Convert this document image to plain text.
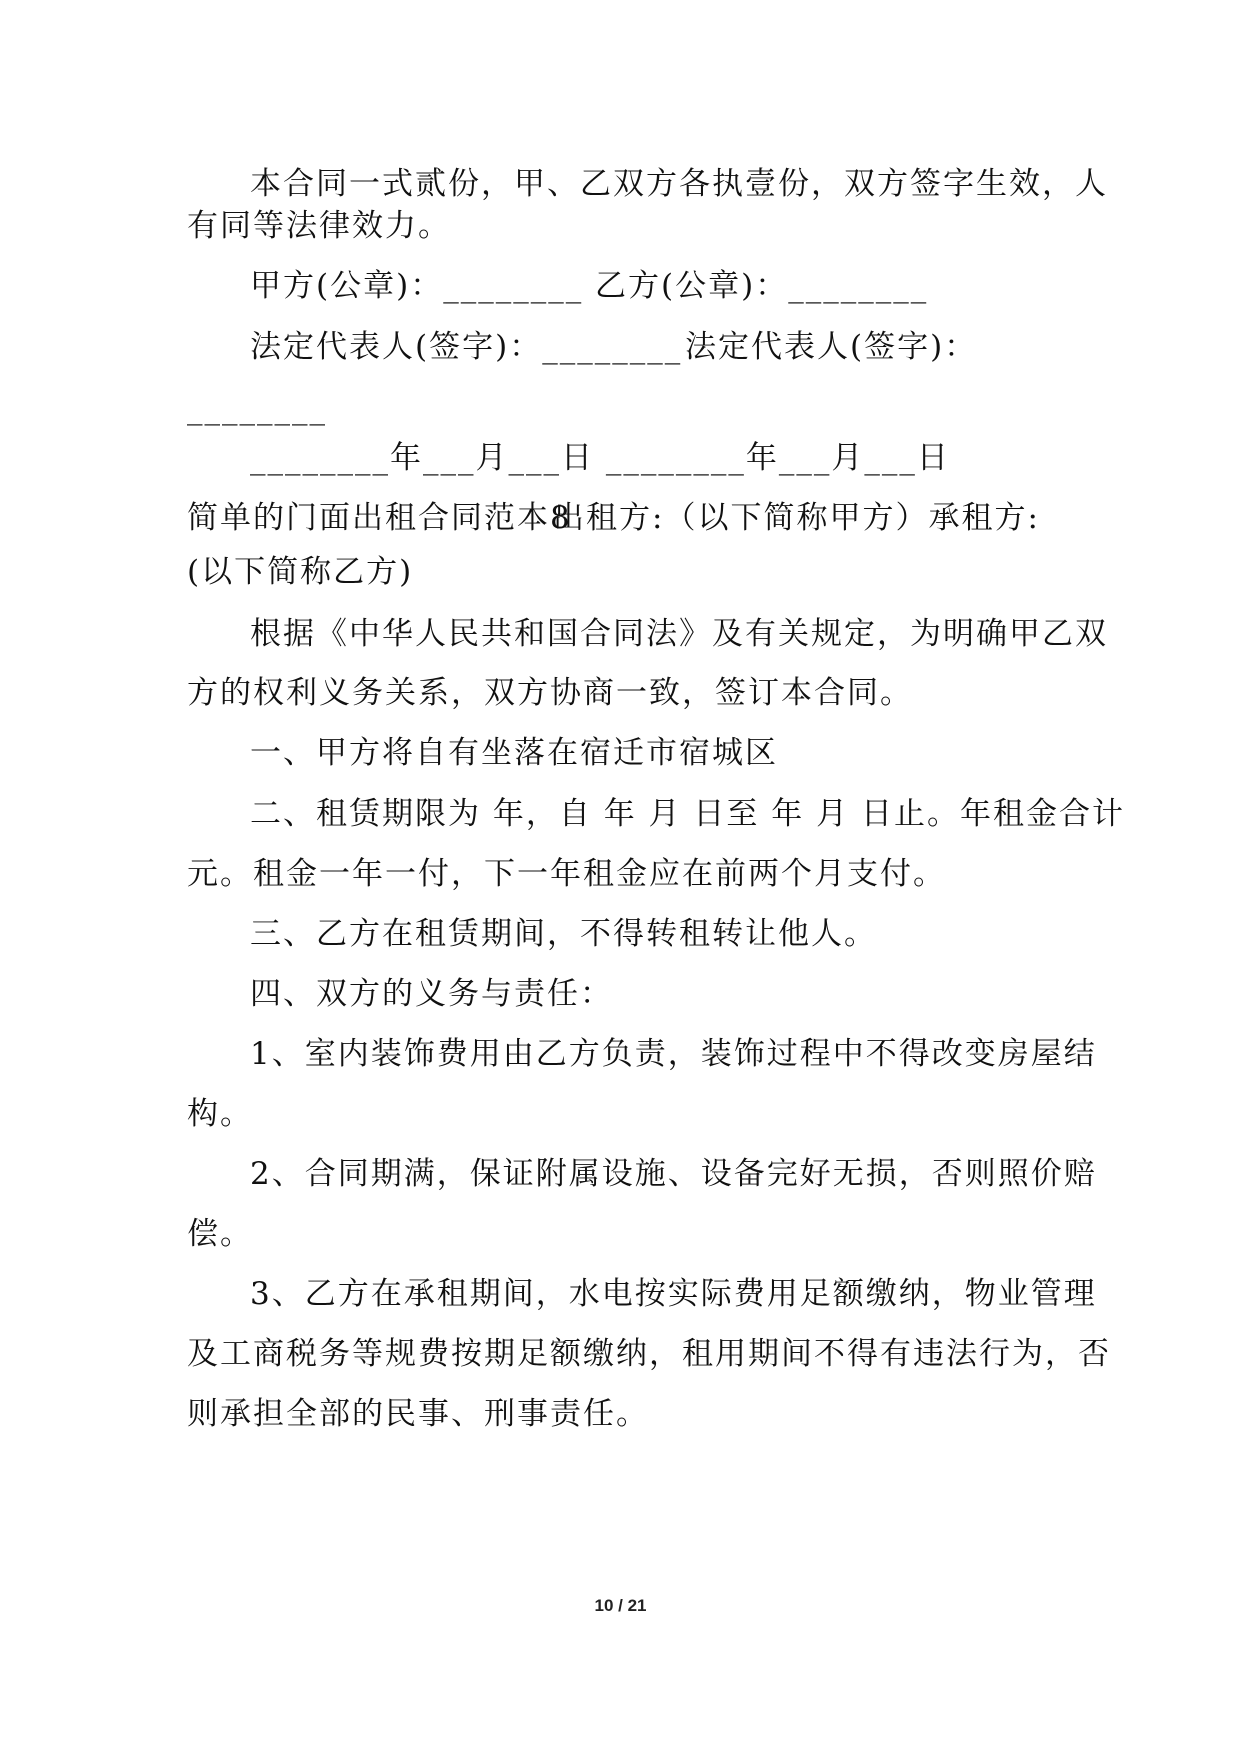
本合同一式贰份，甲、乙双方各执壹份，双方签字生效，人
有同等法律效力。
甲方(公章)：________ 乙方(公章)：________
法定代表人(签字)：________ 法定代表人(签字)：
________
________年___月___日 ________年___月___日
简单的门面出租合同范本8
出租方:（以下简称甲方）承租方:
(以下简称乙方)
根据《中华人民共和国合同法》及有关规定，为明确甲乙双
方的权利义务关系，双方协商一致，签订本合同。
一、甲方将自有坐落在宿迁市宿城区
二、租赁期限为 年，自 年 月 日至 年 月 日止。年租金合计
元。租金一年一付，下一年租金应在前两个月支付。
三、乙方在租赁期间，不得转租转让他人。
四、双方的义务与责任：
1、室内装饰费用由乙方负责，装饰过程中不得改变房屋结
构。
2、合同期满，保证附属设施、设备完好无损，否则照价赔
偿。
3、乙方在承租期间，水电按实际费用足额缴纳，物业管理
及工商税务等规费按期足额缴纳，租用期间不得有违法行为，否
则承担全部的民事、刑事责任。
10 / 21
